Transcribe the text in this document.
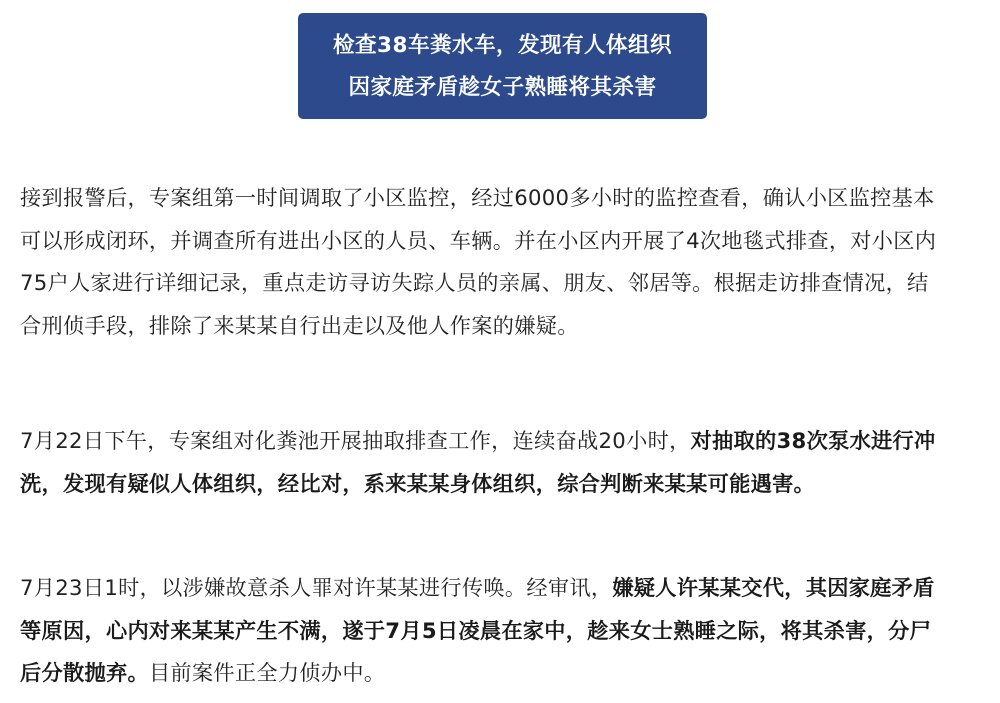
检查38车粪水车，发现有人体组织
因家庭矛盾趁女子熟睡将其杀害
接到报警后，专案组第一时间调取了小区监控，经过6000多小时的监控查看，确认小区监控基本
可以形成闭环，并调查所有进出小区的人员、车辆。并在小区内开展了4次地毯式排查，对小区内
75户人家进行详细记录，重点走访寻访失踪人员的亲属、朋友、邻居等。根据走访排查情况，结
合刑侦手段，排除了来某某自行出走以及他人作案的嫌疑。
7月22日下午，专案组对化粪池开展抽取排查工作，连续奋战20小时，对抽取的38次泵水进行冲
洗，发现有疑似人体组织，经比对，系来某某身体组织，综合判断来某某可能遇害。
7月23日1时，以涉嫌故意杀人罪对许某某进行传唤。经审讯，嫌疑人许某某交代，其因家庭矛盾
等原因，心内对来某某产生不满，遂于7月5日凌晨在家中，趁来女士熟睡之际，将其杀害，分尸
后分散抛弃。目前案件正全力侦办中。
